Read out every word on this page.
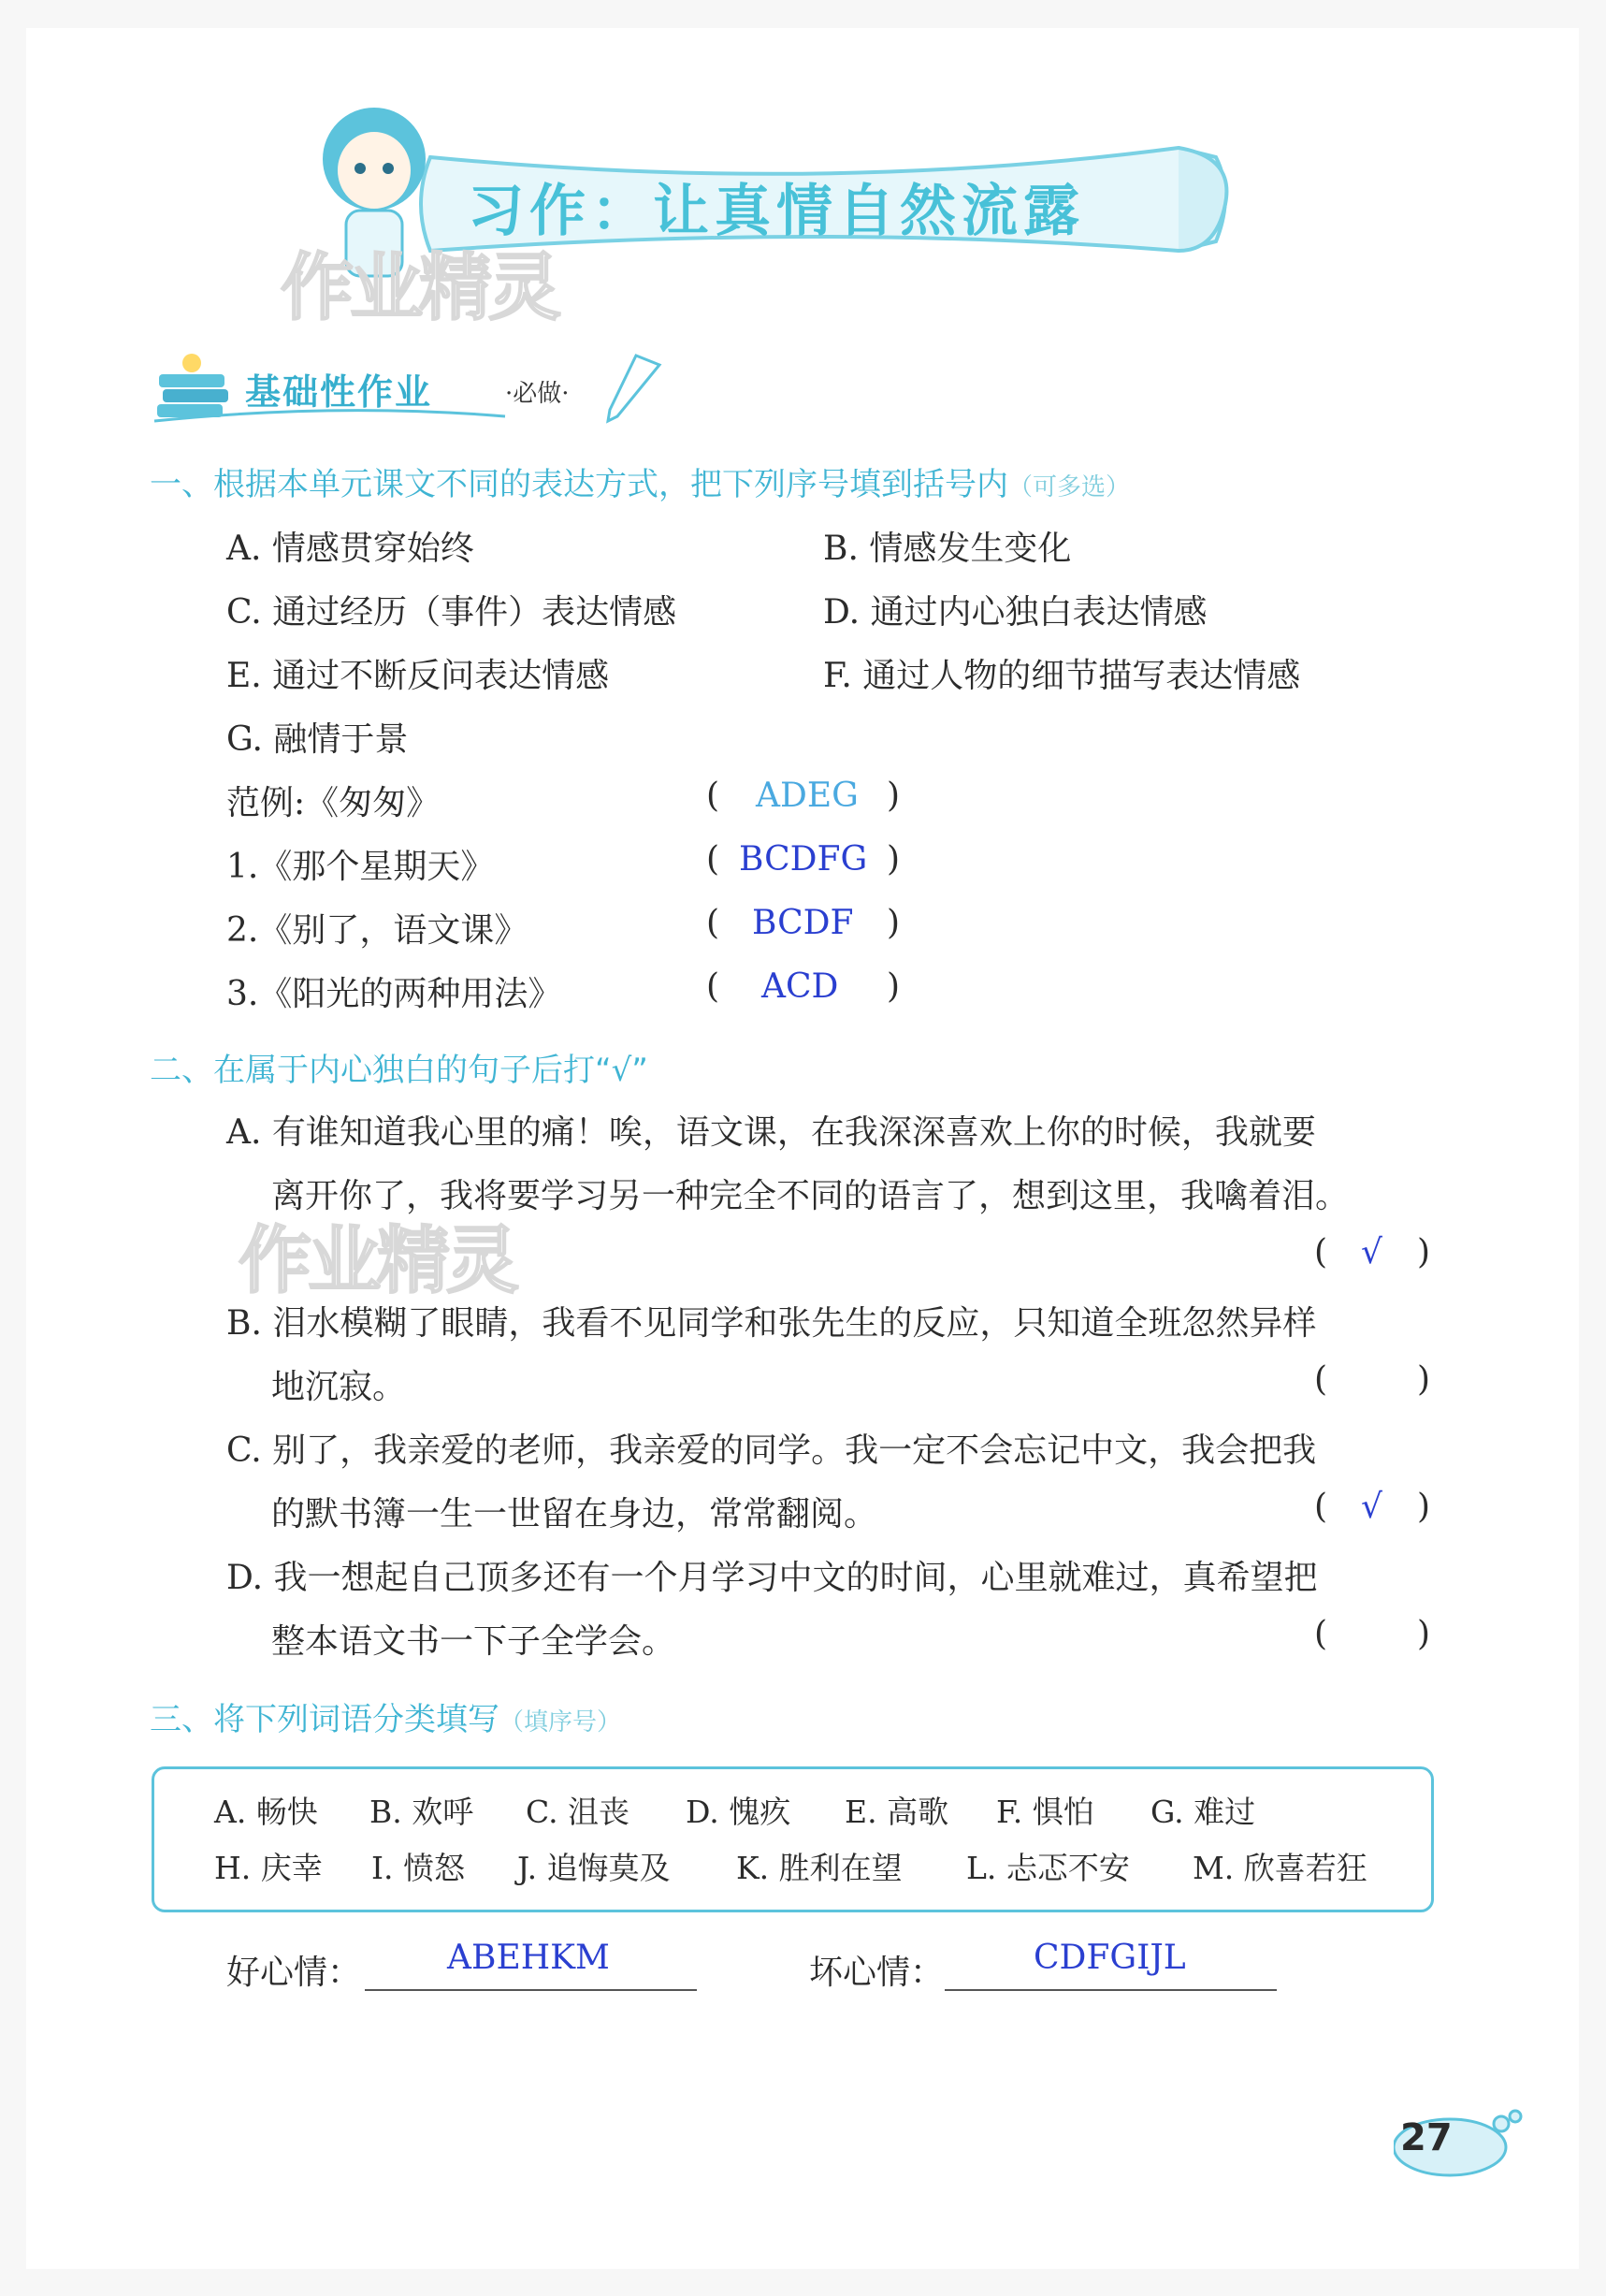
习作：让真情自然流露
作业精灵
基础性作业	·必做·
一、根据本单元课文不同的表达方式，把下列序号填到括号内（可多选）
A. 情感贯穿始终	B. 情感发生变化
C. 通过经历（事件）表达情感	D. 通过内心独白表达情感
E. 通过不断反问表达情感	F. 通过人物的细节描写表达情感
G. 融情于景
范例:《匆匆》	( ADEG )
1.《那个星期天》	( BCDFG )
2.《别了，语文课》	( BCDF )
3.《阳光的两种用法》	( ACD )
二、在属于内心独白的句子后打“√”
A. 有谁知道我心里的痛！唉，语文课，在我深深喜欢上你的时候，我就要
离开你了，我将要学习另一种完全不同的语言了，想到这里，我噙着泪。
( √ )
作业精灵
B. 泪水模糊了眼睛，我看不见同学和张先生的反应，只知道全班忽然异样
地沉寂。	(	)
C. 别了，我亲爱的老师，我亲爱的同学。我一定不会忘记中文，我会把我
的默书簿一生一世留在身边，常常翻阅。	( √ )
D. 我一想起自己顶多还有一个月学习中文的时间，心里就难过，真希望把
整本语文书一下子全学会。	(	)
三、将下列词语分类填写（填序号）
A. 畅快 B. 欢呼 C. 沮丧 D. 愧疚 E. 高歌 F. 惧怕 G. 难过
H. 庆幸 I. 愤怒 J. 追悔莫及 K. 胜利在望 L. 忐忑不安 M. 欣喜若狂
好心情：	ABEHKM	坏心情：	CDFGIJL
27
